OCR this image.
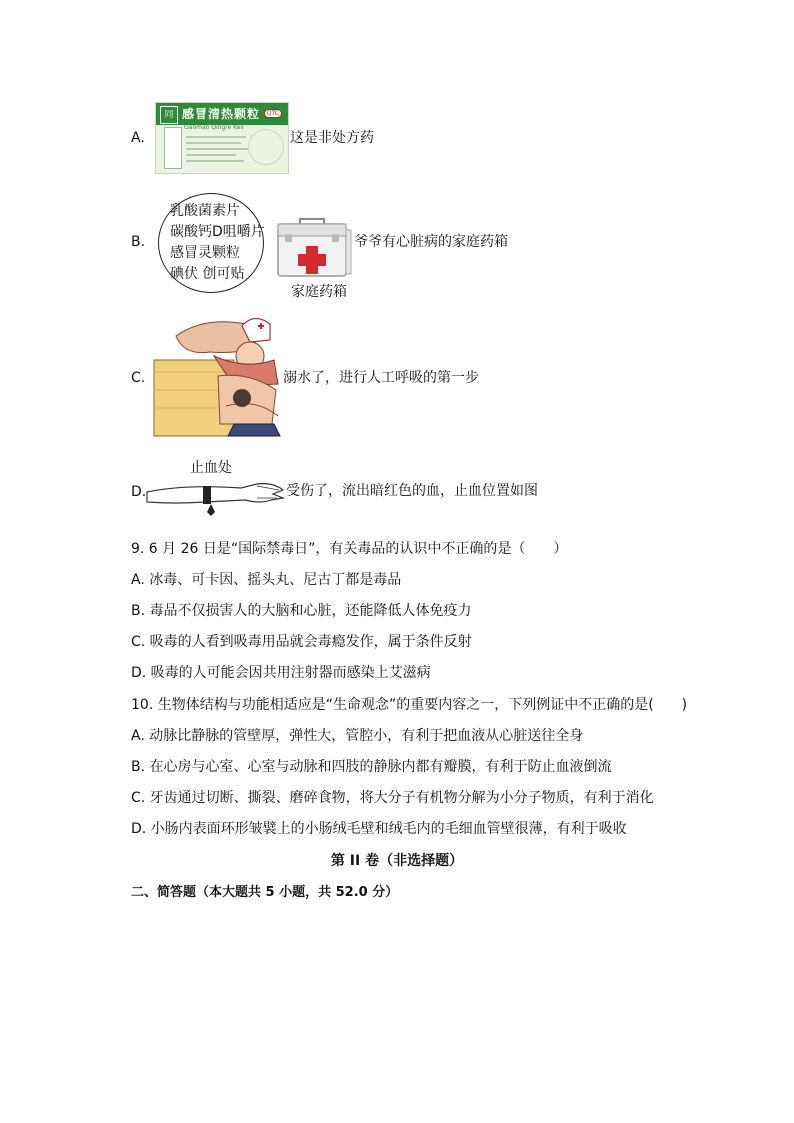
A.
同 感冒清热颗粒	OTC
Ganmao Qingre Keli
这是非处方药
B.
乳酸菌素片
碳酸钙D咀嚼片
感冒灵颗粒
碘伏 创可贴
爷爷有心脏病的家庭药箱
家庭药箱
C.	溺水了，进行人工呼吸的第一步
止血处
D.	受伤了，流出暗红色的血，止血位置如图
9. 6 月 26 日是“国际禁毒日”，有关毒品的认识中不正确的是（　　）
A. 冰毒、可卡因、摇头丸、尼古丁都是毒品
B. 毒品不仅损害人的大脑和心脏，还能降低人体免疫力
C. 吸毒的人看到吸毒用品就会毒瘾发作，属于条件反射
D. 吸毒的人可能会因共用注射器而感染上艾滋病
10. 生物体结构与功能相适应是“生命观念”的重要内容之一，下列例证中不正确的是(　　)
A. 动脉比静脉的管壁厚，弹性大，管腔小，有利于把血液从心脏送往全身
B. 在心房与心室、心室与动脉和四肢的静脉内都有瓣膜，有利于防止血液倒流
C. 牙齿通过切断、撕裂、磨碎食物，将大分子有机物分解为小分子物质，有利于消化
D. 小肠内表面环形皱襞上的小肠绒毛壁和绒毛内的毛细血管壁很薄，有利于吸收
第 II 卷（非选择题）
二、简答题（本大题共 5 小题，共 52.0 分）
